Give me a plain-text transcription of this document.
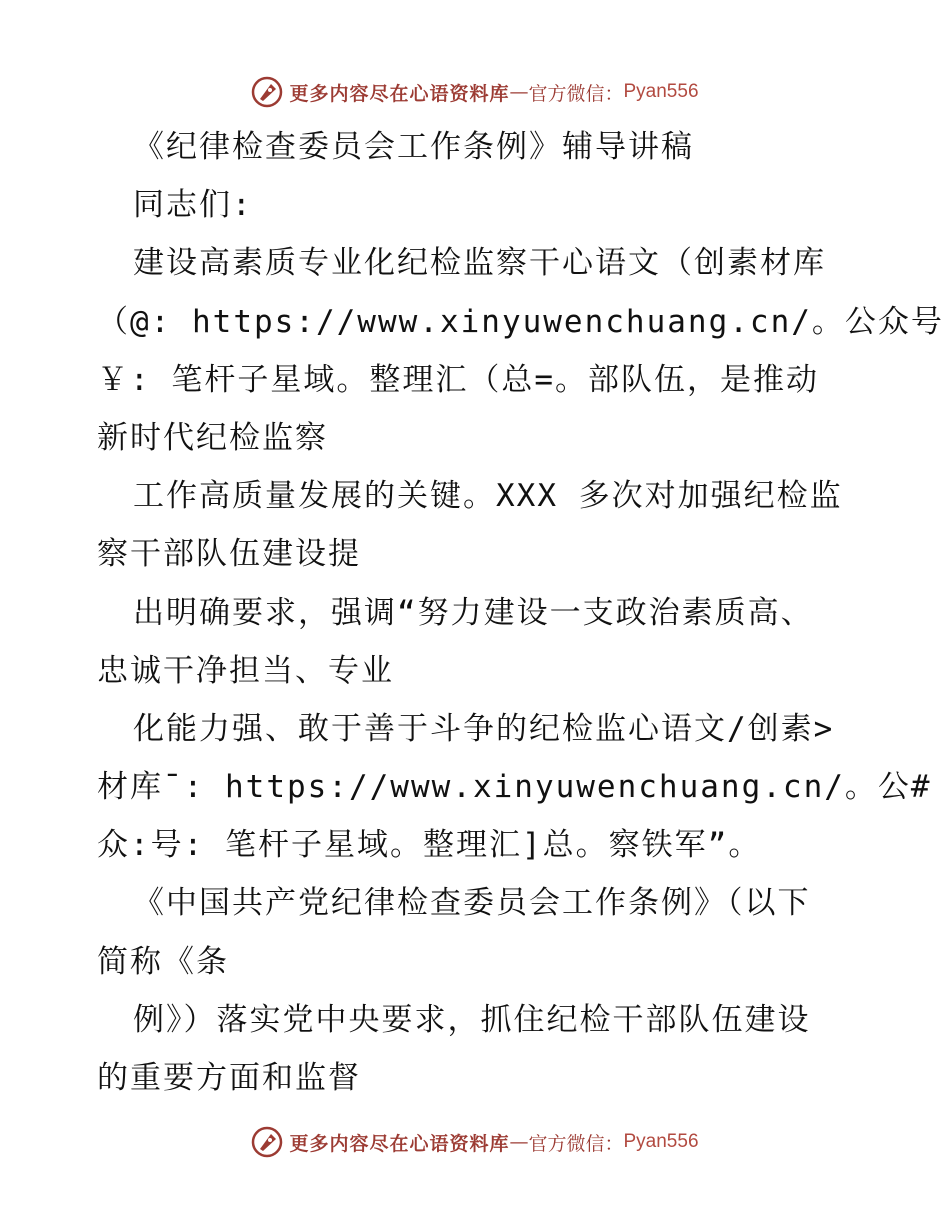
更多内容尽在心语资料库 — 官方微信： Pyan556
《纪律检查委员会工作条例》辅导讲稿
同志们:
建设高素质专业化纪检监察干心语文（创素材库
（@: https://www.xinyuwenchuang.cn/。公众号
￥: 笔杆子星域。整理汇（总=。部队伍，是推动
新时代纪检监察
工作高质量发展的关键。XXX 多次对加强纪检监
察干部队伍建设提
出明确要求，强调“努力建设一支政治素质高、
忠诚干净担当、专业
化能力强、敢于善于斗争的纪检监心语文/创素>
材库¯: https://www.xinyuwenchuang.cn/。公#
众:号: 笔杆子星域。整理汇]总。察铁军”。
《中国共产党纪律检查委员会工作条例》（以下
简称《条
例》）落实党中央要求，抓住纪检干部队伍建设
的重要方面和监督
更多内容尽在心语资料库 — 官方微信： Pyan556
